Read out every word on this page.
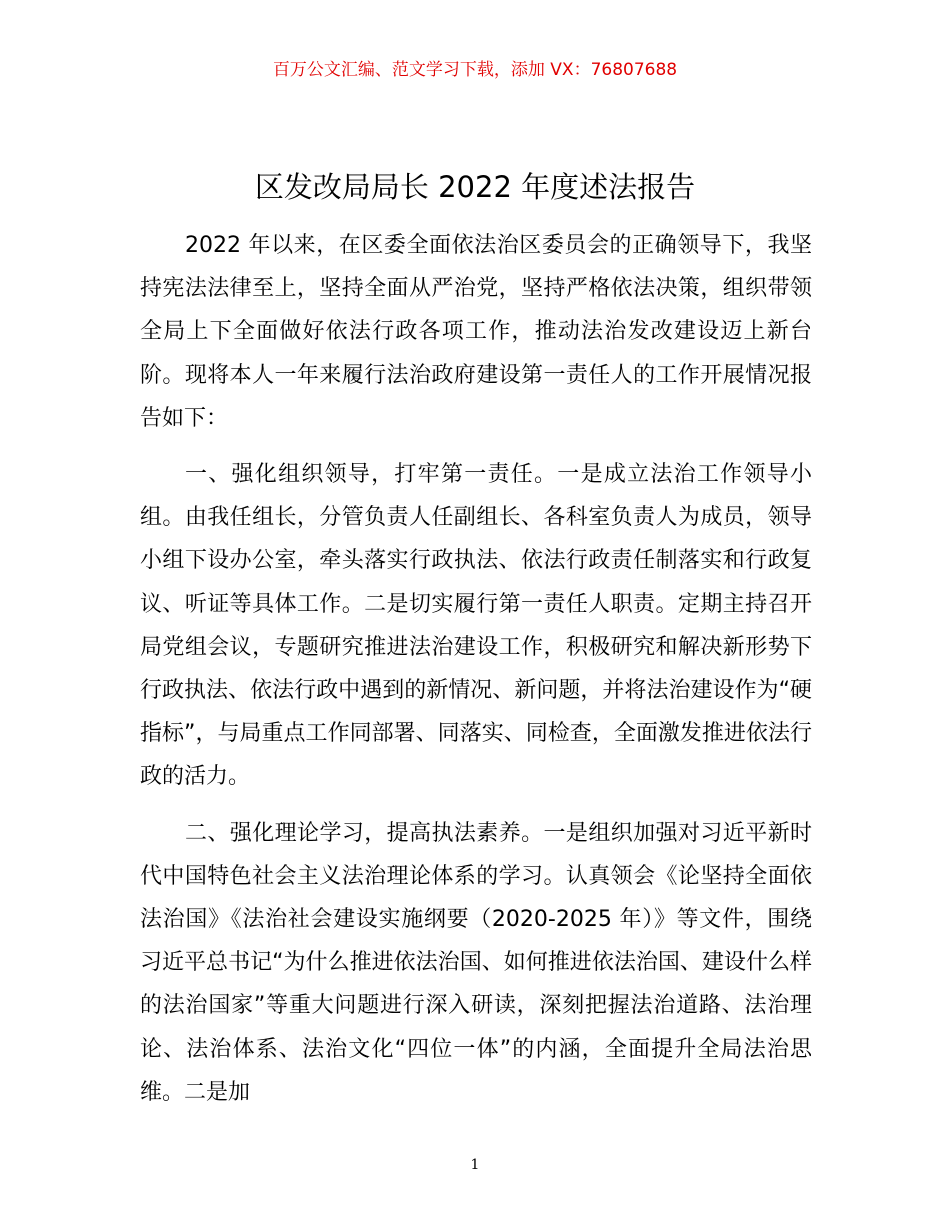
百万公文汇编、范文学习下载，添加 VX：76807688
区发改局局长 2022 年度述法报告

2022 年以来，在区委全面依法治区委员会的正确领导下，我坚持宪法法律至上，坚持全面从严治党，坚持严格依法决策，组织带领全局上下全面做好依法行政各项工作，推动法治发改建设迈上新台阶。现将本人一年来履行法治政府建设第一责任人的工作开展情况报告如下：

一、强化组织领导，打牢第一责任。一是成立法治工作领导小组。由我任组长，分管负责人任副组长、各科室负责人为成员，领导小组下设办公室，牵头落实行政执法、依法行政责任制落实和行政复议、听证等具体工作。二是切实履行第一责任人职责。定期主持召开局党组会议，专题研究推进法治建设工作，积极研究和解决新形势下行政执法、依法行政中遇到的新情况、新问题，并将法治建设作为“硬指标”，与局重点工作同部署、同落实、同检查，全面激发推进依法行政的活力。

二、强化理论学习，提高执法素养。一是组织加强对习近平新时代中国特色社会主义法治理论体系的学习。认真领会《论坚持全面依法治国》《法治社会建设实施纲要（2020-2025 年）》等文件，围绕习近平总书记“为什么推进依法治国、如何推进依法治国、建设什么样的法治国家”等重大问题进行深入研读，深刻把握法治道路、法治理论、法治体系、法治文化“四位一体”的内涵，全面提升全局法治思维。二是加

1
